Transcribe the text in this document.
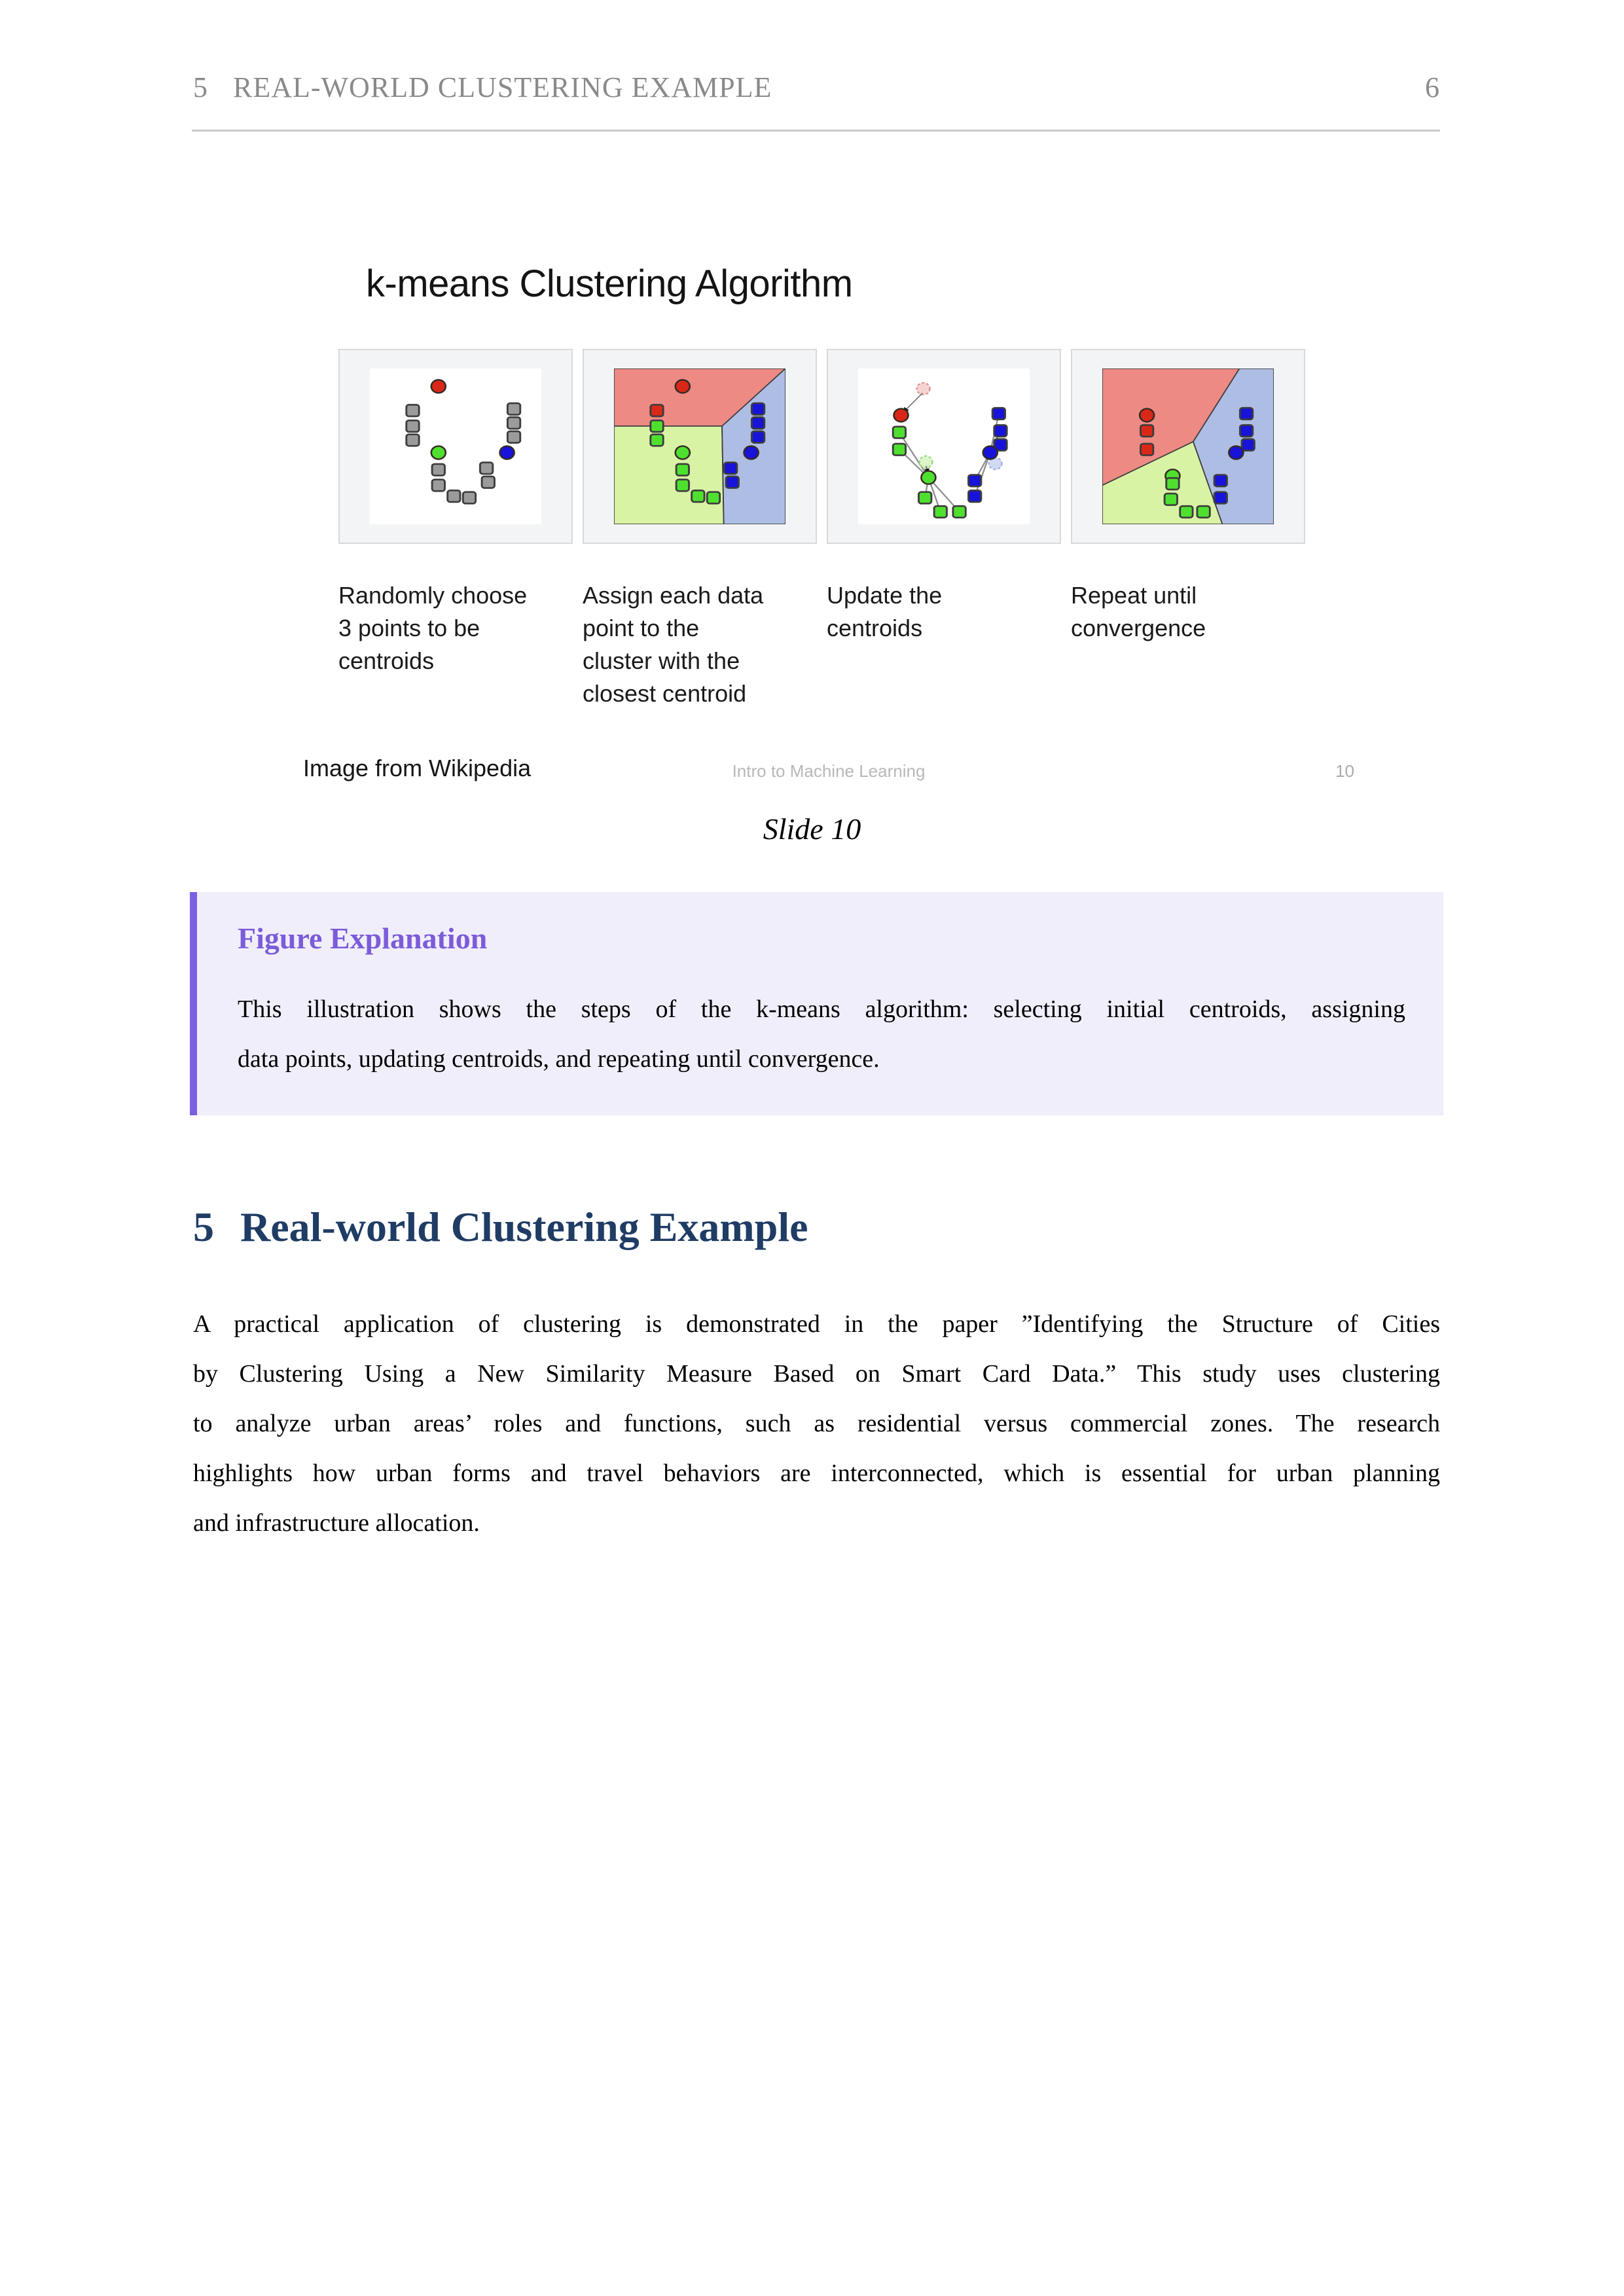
5 REAL-WORLD CLUSTERING EXAMPLE	6
k-means Clustering Algorithm
Randomly choose 3 points to be centroids
Assign each data point to the cluster with the closest centroid
Update the centroids
Repeat until convergence
Image from Wikipedia	Intro to Machine Learning	10
Slide 10
Figure Explanation
This illustration shows the steps of the k-means algorithm: selecting initial centroids, assigning
data points, updating centroids, and repeating until convergence.
5 Real-world Clustering Example
A practical application of clustering is demonstrated in the paper ”Identifying the Structure of Cities
by Clustering Using a New Similarity Measure Based on Smart Card Data.” This study uses clustering
to analyze urban areas’ roles and functions, such as residential versus commercial zones. The research
highlights how urban forms and travel behaviors are interconnected, which is essential for urban planning
and infrastructure allocation.
